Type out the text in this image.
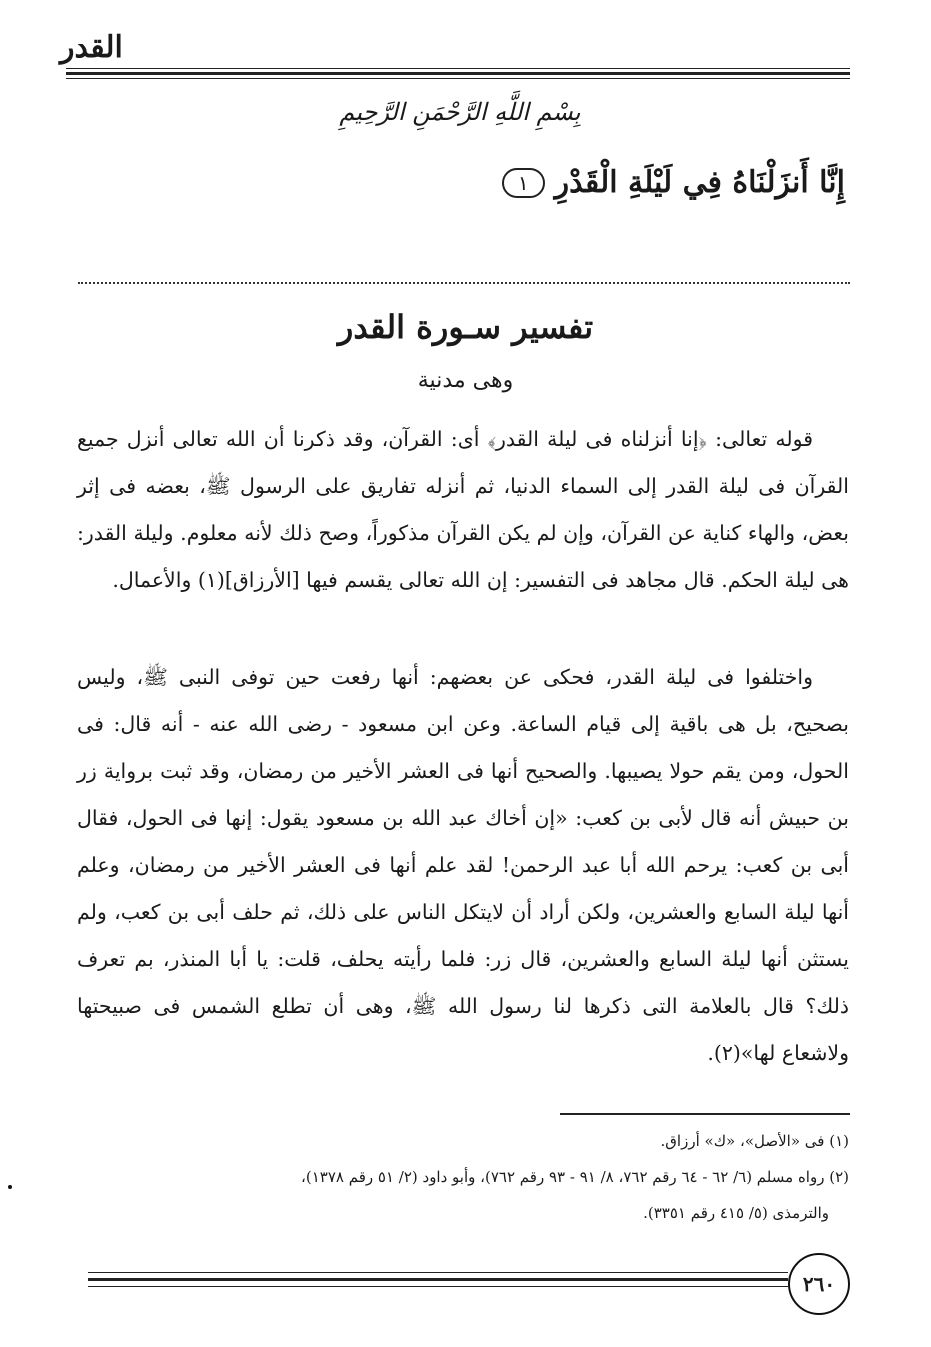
القدر
بِسْمِ اللَّهِ الرَّحْمَنِ الرَّحِيمِ
إِنَّا أَنزَلْنَاهُ فِي لَيْلَةِ الْقَدْرِ
١
تفسير سـورة القدر
وهى مدنية

قوله تعالى: ﴿إنا أنزلناه فى ليلة القدر﴾ أى: القرآن، وقد ذكرنا أن الله تعالى أنزل جميع القرآن فى ليلة القدر إلى السماء الدنيا، ثم أنزله تفاريق على الرسول ﷺ، بعضه فى إثر بعض، والهاء كناية عن القرآن، وإن لم يكن القرآن مذكوراً، وصح ذلك لأنه معلوم. وليلة القدر: هى ليلة الحكم. قال مجاهد فى التفسير: إن الله تعالى يقسم فيها [الأرزاق](١) والأعمال.

واختلفوا فى ليلة القدر، فحكى عن بعضهم: أنها رفعت حين توفى النبى ﷺ، وليس بصحيح، بل هى باقية إلى قيام الساعة. وعن ابن مسعود - رضى الله عنه - أنه قال: فى الحول، ومن يقم حولا يصيبها. والصحيح أنها فى العشر الأخير من رمضان، وقد ثبت برواية زر بن حبيش أنه قال لأبى بن كعب: «إن أخاك عبد الله بن مسعود يقول: إنها فى الحول، فقال أبى بن كعب: يرحم الله أبا عبد الرحمن! لقد علم أنها فى العشر الأخير من رمضان، وعلم أنها ليلة السابع والعشرين، ولكن أراد أن لايتكل الناس على ذلك، ثم حلف أبى بن كعب، ولم يستثن أنها ليلة السابع والعشرين، قال زر: فلما رأيته يحلف، قلت: يا أبا المنذر، بم تعرف ذلك؟ قال بالعلامة التى ذكرها لنا رسول الله ﷺ، وهى أن تطلع الشمس فى صبيحتها ولاشعاع لها»(٢).

(١) فى «الأصل»، «ك» أرزاق.

(٢) رواه مسلم (٦/ ٦٢ - ٦٤ رقم ٧٦٢، ٨/ ٩١ - ٩٣ رقم ٧٦٢)، وأبو داود (٢/ ٥١ رقم ١٣٧٨)،

والترمذى (٥/ ٤١٥ رقم ٣٣٥١).

٢٦٠
